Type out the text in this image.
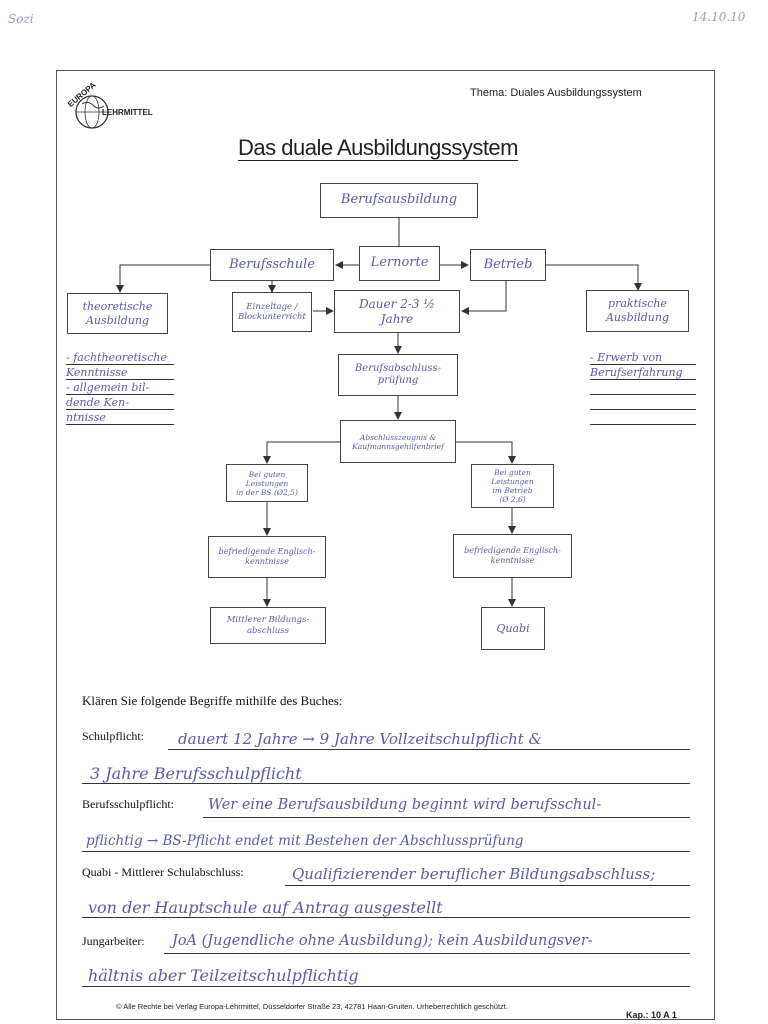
Sozi	14.10.10
EUROPA
LEHRMITTEL
Thema: Duales Ausbildungssystem
Das duale Ausbildungssystem
Berufsausbildung
Berufsschule	Lernorte	Betrieb
theoretische
Ausbildung
Einzeltage /
Blockunterricht
Dauer 2-3 ½
Jahre
praktische
Ausbildung
Berufsabschluss-
prüfung
Abschlusszeugnis &
Kaufmannsgehilfenbrief
Bei guten Leistungen
in der BS (Ø2,5)
Bei guten Leistungen
im Betrieb
(Ø 2,6)
befriedigende Englisch-
kenntnisse
befriedigende Englisch-
kenntnisse
Mittlerer Bildungs-
abschluss	Quabi
- fachtheoretische
Kenntnisse
- allgemein bil-
dende Ken-
ntnisse
- Erwerb von
Berufserfahrung
Klären Sie folgende Begriffe mithilfe des Buches:
Schulpflicht: dauert 12 Jahre → 9 Jahre Vollzeitschulpflicht &
3 Jahre Berufsschulpflicht
Berufsschulpflicht: Wer eine Berufsausbildung beginnt wird berufsschul-
pflichtig → BS-Pflicht endet mit Bestehen der Abschlussprüfung
Quabi - Mittlerer Schulabschluss:	Qualifizierender beruflicher Bildungsabschluss;
von der Hauptschule auf Antrag ausgestellt
Jungarbeiter: JoA (Jugendliche ohne Ausbildung); kein Ausbildungsver-
hältnis aber Teilzeitschulpflichtig
© Alle Rechte bei Verlag Europa-Lehrmittel, Düsseldorfer Straße 23, 42781 Haan-Gruiten. Urheberrechtlich geschützt.
Kap.: 10 A 1
